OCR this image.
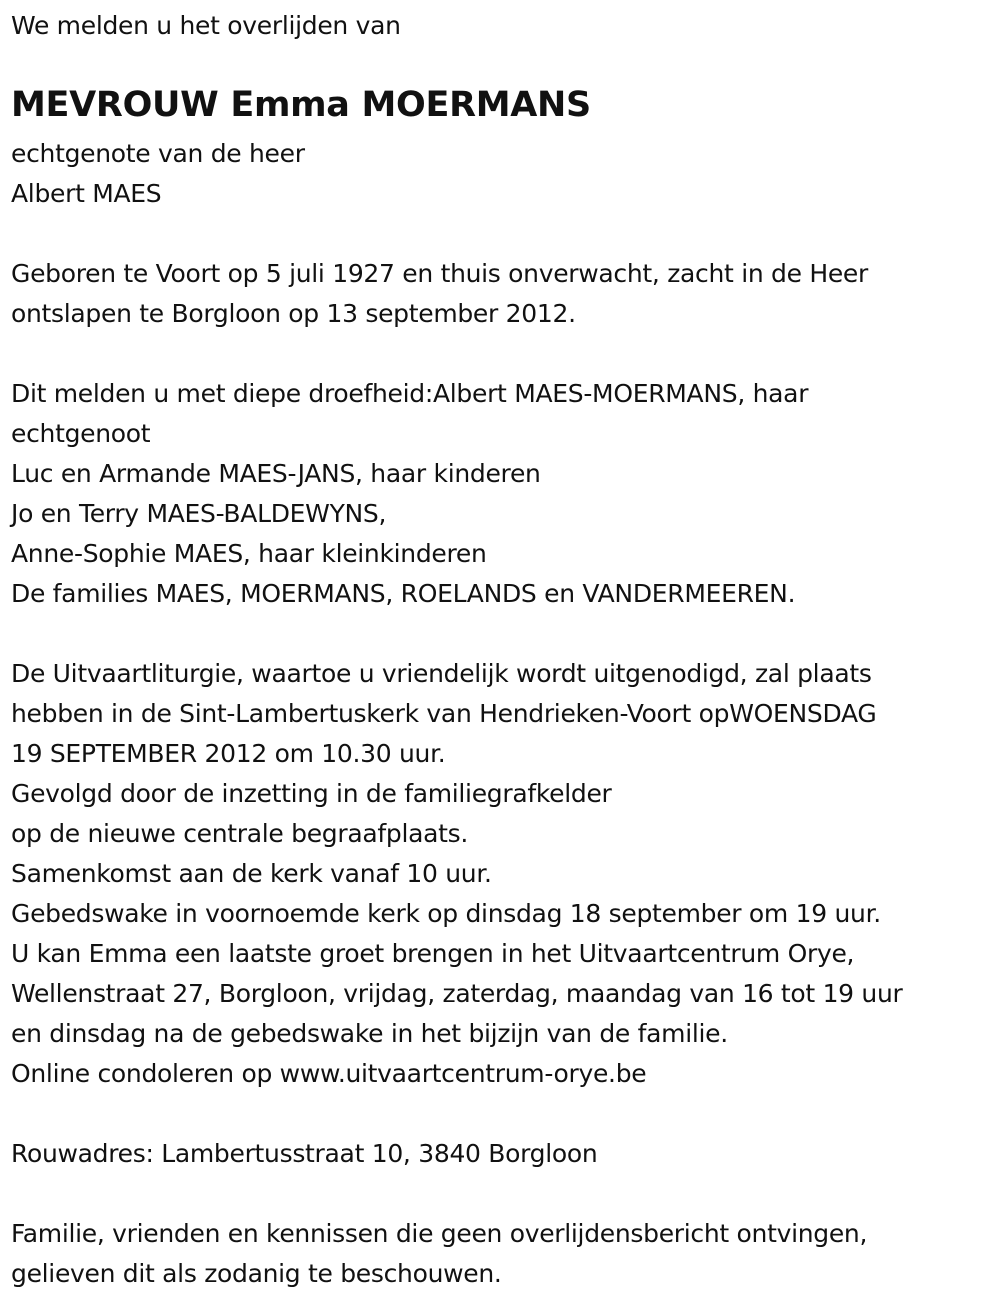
We melden u het overlijden van
MEVROUW Emma MOERMANS
echtgenote van de heer
Albert MAES
Geboren te Voort op 5 juli 1927 en thuis onverwacht, zacht in de Heer
ontslapen te Borgloon op 13 september 2012.
Dit melden u met diepe droefheid:Albert MAES-MOERMANS, haar
echtgenoot
Luc en Armande MAES-JANS, haar kinderen
Jo en Terry MAES-BALDEWYNS,
Anne-Sophie MAES, haar kleinkinderen
De families MAES, MOERMANS, ROELANDS en VANDERMEEREN.
De Uitvaartliturgie, waartoe u vriendelijk wordt uitgenodigd, zal plaats
hebben in de Sint-Lambertuskerk van Hendrieken-Voort opWOENSDAG
19 SEPTEMBER 2012 om 10.30 uur.
Gevolgd door de inzetting in de familiegrafkelder
op de nieuwe centrale begraafplaats.
Samenkomst aan de kerk vanaf 10 uur.
Gebedswake in voornoemde kerk op dinsdag 18 september om 19 uur.
U kan Emma een laatste groet brengen in het Uitvaartcentrum Orye,
Wellenstraat 27, Borgloon, vrijdag, zaterdag, maandag van 16 tot 19 uur
en dinsdag na de gebedswake in het bijzijn van de familie.
Online condoleren op www.uitvaartcentrum-orye.be
Rouwadres: Lambertusstraat 10, 3840 Borgloon
Familie, vrienden en kennissen die geen overlijdensbericht ontvingen,
gelieven dit als zodanig te beschouwen.
